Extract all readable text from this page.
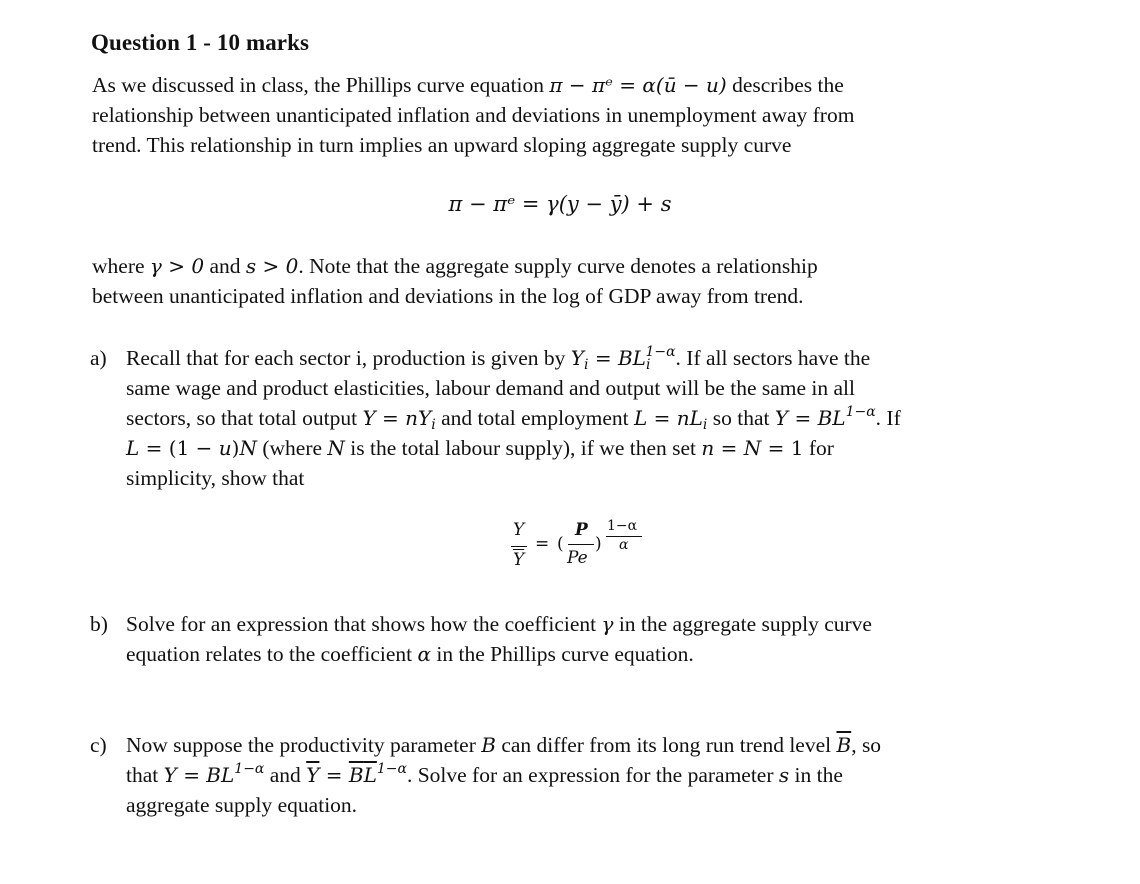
Question 1 - 10 marks
As we discussed in class, the Phillips curve equation π − πᵉ = α(ū − u) describes the
relationship between unanticipated inflation and deviations in unemployment away from
trend. This relationship in turn implies an upward sloping aggregate supply curve
π − πᵉ = γ(y − ȳ) + s
where γ > 0 and s > 0. Note that the aggregate supply curve denotes a relationship
between unanticipated inflation and deviations in the log of GDP away from trend.
a) Recall that for each sector i, production is given by $Y_i = BL_i^{1-\alpha}$. If all sectors have the
same wage and product elasticities, labour demand and output will be the same in all
sectors, so that total output $Y = nY_i$ and total employment $L = nL_i$ so that $Y = BL^{1-\alpha}$. If
L = (1 − u)N (where N is the total labour supply), if we then set n = N = 1 for
simplicity, show that
Y
$\overline{Y}$
= (
P
Pe
)
1−α
α
b) Solve for an expression that shows how the coefficient γ in the aggregate supply curve
equation relates to the coefficient α in the Phillips curve equation.
c) Now suppose the productivity parameter B can differ from its long run trend level $\overline{B}$, so
that $Y = BL^{1-\alpha}$ and $\overline{Y} = \overline{B}\overline{L}^{1-\alpha}$. Solve for an expression for the parameter s in the
aggregate supply equation.
